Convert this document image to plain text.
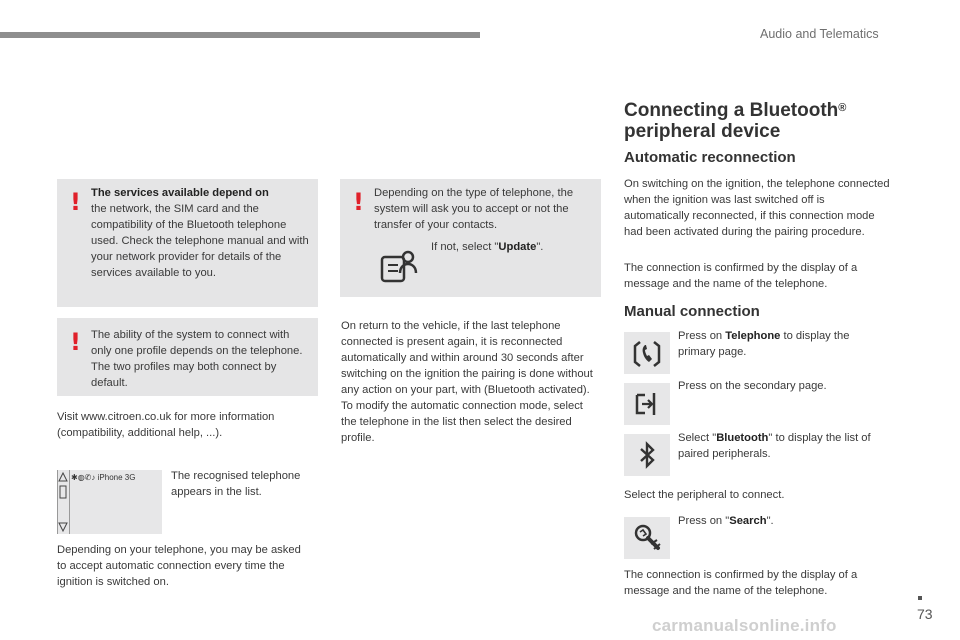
Audio and Telematics
! The services available depend on
the network, the SIM card and the compatibility of the Bluetooth telephone used. Check the telephone manual and with your network provider for details of the services available to you.
! The ability of the system to connect with only one profile depends on the telephone. The two profiles may both connect by default.
Visit www.citroen.co.uk for more information (compatibility, additional help, ...).
✱◍✆♪ iPhone 3G	The recognised telephone appears in the list.
Depending on your telephone, you may be asked to accept automatic connection every time the ignition is switched on.
! Depending on the type of telephone, the system will ask you to accept or not the transfer of your contacts.
If not, select "Update".
On return to the vehicle, if the last telephone connected is present again, it is reconnected automatically and within around 30 seconds after switching on the ignition the pairing is done without any action on your part, with (Bluetooth activated).
To modify the automatic connection mode, select the telephone in the list then select the desired profile.
Connecting a Bluetooth®
peripheral device
Automatic reconnection
On switching on the ignition, the telephone connected when the ignition was last switched off is automatically reconnected, if this connection mode had been activated during the pairing procedure.
The connection is confirmed by the display of a message and the name of the telephone.
Manual connection
Press on Telephone to display the primary page.
Press on the secondary page.
Select "Bluetooth" to display the list of paired peripherals.
Select the peripheral to connect.
Press on "Search".
The connection is confirmed by the display of a message and the name of the telephone.
73
carmanualsonline.info
